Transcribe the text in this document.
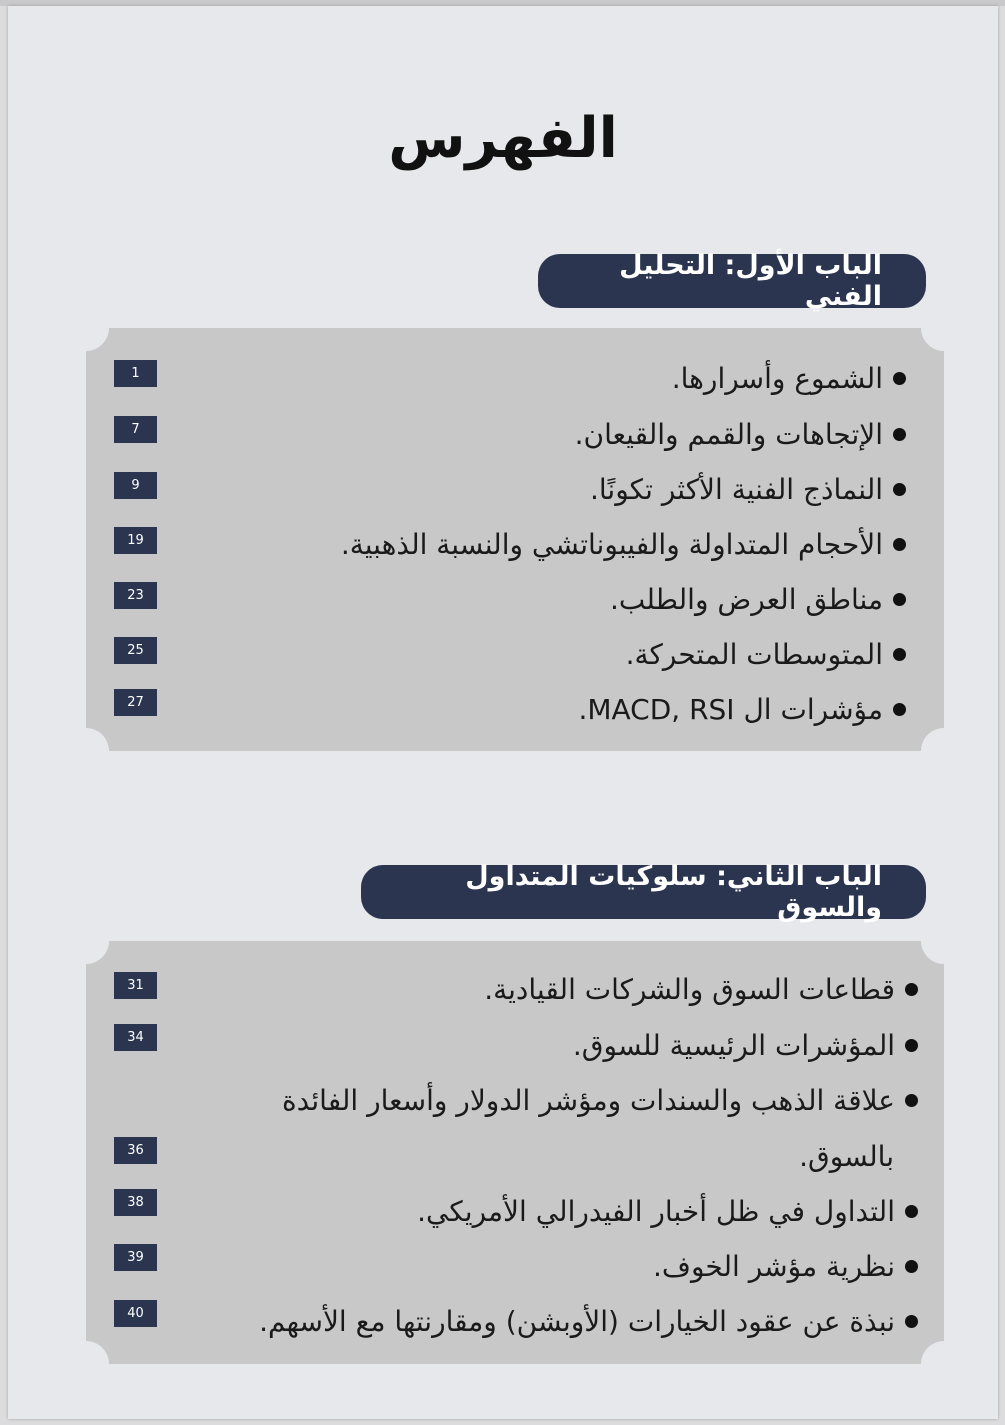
الفهرس
الباب الأول: التحليل الفني
الشموع وأسرارها.
1
الإتجاهات والقمم والقيعان.
7
النماذج الفنية الأكثر تكونًا.
9
الأحجام المتداولة والفيبوناتشي والنسبة الذهبية.
19
مناطق العرض والطلب.
23
المتوسطات المتحركة.
25
مؤشرات ال MACD, RSI.
27
الباب الثاني: سلوكيات المتداول والسوق
قطاعات السوق والشركات القيادية.
31
المؤشرات الرئيسية للسوق.
34
علاقة الذهب والسندات ومؤشر الدولار وأسعار الفائدة
بالسوق.
36
التداول في ظل أخبار الفيدرالي الأمريكي.
38
نظرية مؤشر الخوف.
39
نبذة عن عقود الخيارات (الأوبشن) ومقارنتها مع الأسهم.
40
